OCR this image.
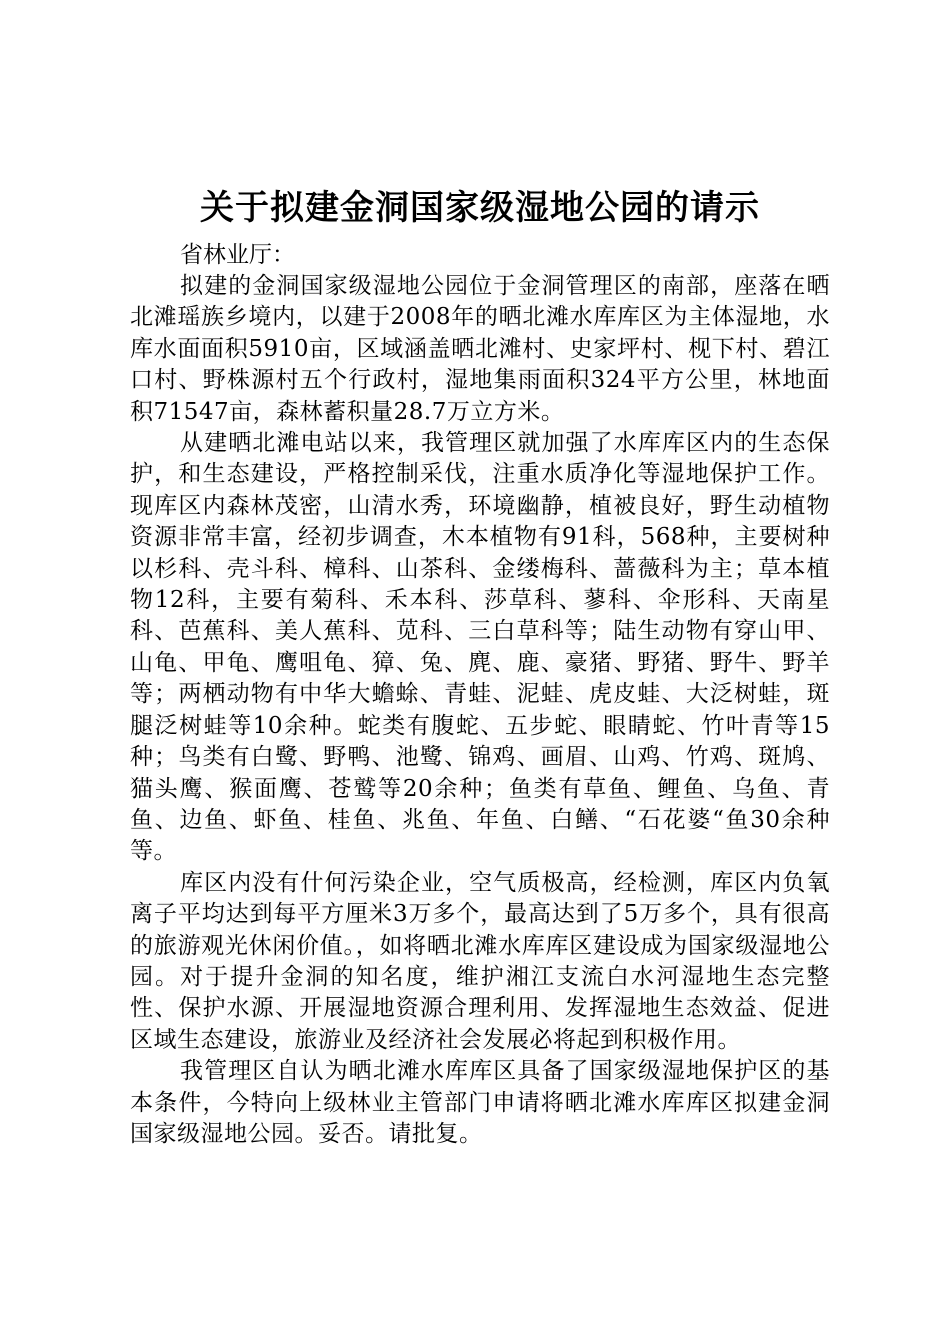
关于拟建金洞国家级湿地公园的请示

省林业厅：

拟建的金洞国家级湿地公园位于金洞管理区的南部，座落在晒北滩瑶族乡境内，以建于2008年的晒北滩水库库区为主体湿地，水库水面面积5910亩，区域涵盖晒北滩村、史家坪村、枧下村、碧江口村、野株源村五个行政村，湿地集雨面积324平方公里，林地面积71547亩，森林蓄积量28.7万立方米。

从建晒北滩电站以来，我管理区就加强了水库库区内的生态保护，和生态建设，严格控制采伐，注重水质净化等湿地保护工作。现库区内森林茂密，山清水秀，环境幽静，植被良好，野生动植物资源非常丰富，经初步调查，木本植物有91科，568种，主要树种以杉科、壳斗科、樟科、山茶科、金缕梅科、蔷薇科为主；草本植物12科，主要有菊科、禾本科、莎草科、蓼科、伞形科、天南星科、芭蕉科、美人蕉科、苋科、三白草科等；陆生动物有穿山甲、山龟、甲龟、鹰咀龟、獐、兔、麂、鹿、豪猪、野猪、野牛、野羊等；两栖动物有中华大蟾蜍、青蛙、泥蛙、虎皮蛙、大泛树蛙，斑腿泛树蛙等10余种。蛇类有腹蛇、五步蛇、眼睛蛇、竹叶青等15种；鸟类有白鹭、野鸭、池鹭、锦鸡、画眉、山鸡、竹鸡、斑鸠、猫头鹰、猴面鹰、苍鹫等20余种；鱼类有草鱼、鲤鱼、乌鱼、青鱼、边鱼、虾鱼、桂鱼、兆鱼、年鱼、白鳝、“石花婆“鱼30余种等。

库区内没有什何污染企业，空气质极高，经检测，库区内负氧离子平均达到每平方厘米3万多个，最高达到了5万多个，具有很高的旅游观光休闲价值。，如将晒北滩水库库区建设成为国家级湿地公园。对于提升金洞的知名度，维护湘江支流白水河湿地生态完整性、保护水源、开展湿地资源合理利用、发挥湿地生态效益、促进区域生态建设，旅游业及经济社会发展必将起到积极作用。

我管理区自认为晒北滩水库库区具备了国家级湿地保护区的基本条件，今特向上级林业主管部门申请将晒北滩水库库区拟建金洞国家级湿地公园。妥否。请批复。
